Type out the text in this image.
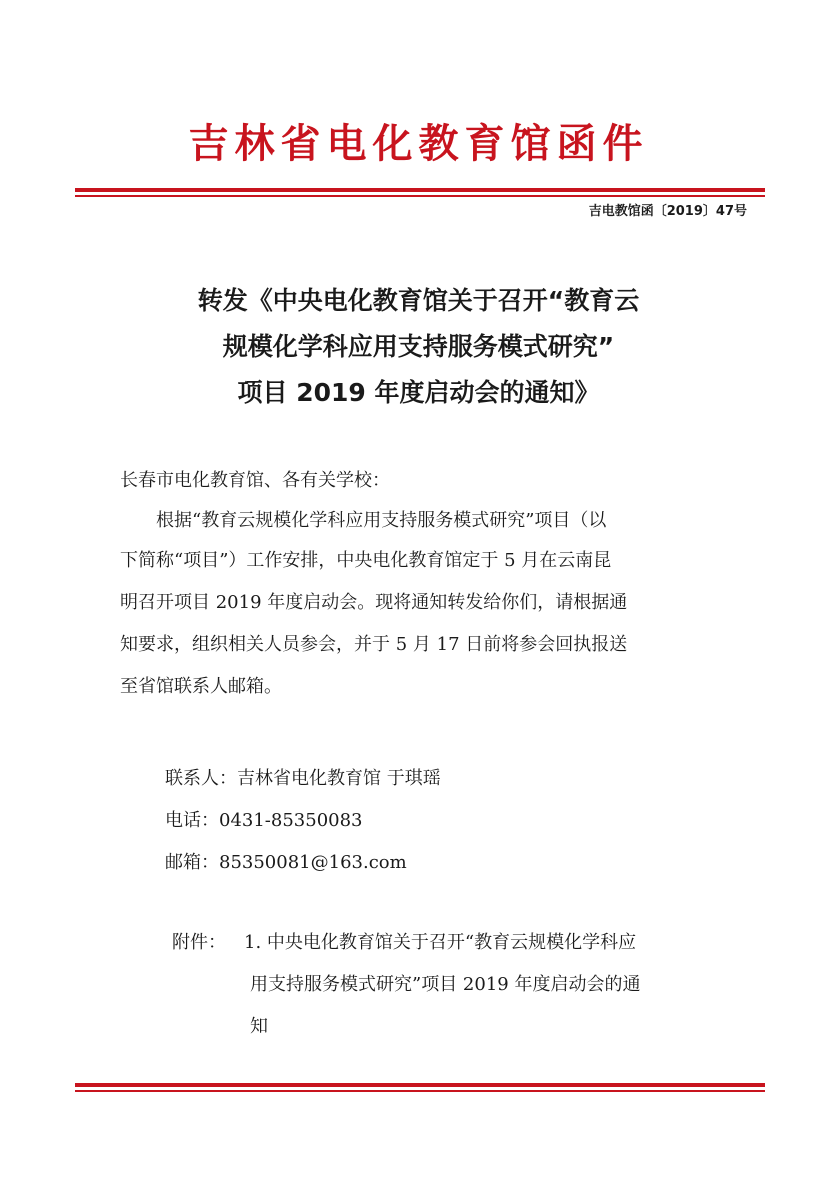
吉林省电化教育馆函件
吉电教馆函〔2019〕47号
转发《中央电化教育馆关于召开“教育云
规模化学科应用支持服务模式研究”
项目 2019 年度启动会的通知》
长春市电化教育馆、各有关学校：
根据“教育云规模化学科应用支持服务模式研究”项目（以
下简称“项目”）工作安排，中央电化教育馆定于 5 月在云南昆
明召开项目 2019 年度启动会。现将通知转发给你们，请根据通
知要求，组织相关人员参会，并于 5 月 17 日前将参会回执报送
至省馆联系人邮箱。
联系人：吉林省电化教育馆 于琪瑶
电话：0431-85350083
邮箱：85350081@163.com
附件： 1. 中央电化教育馆关于召开“教育云规模化学科应
用支持服务模式研究”项目 2019 年度启动会的通
知
